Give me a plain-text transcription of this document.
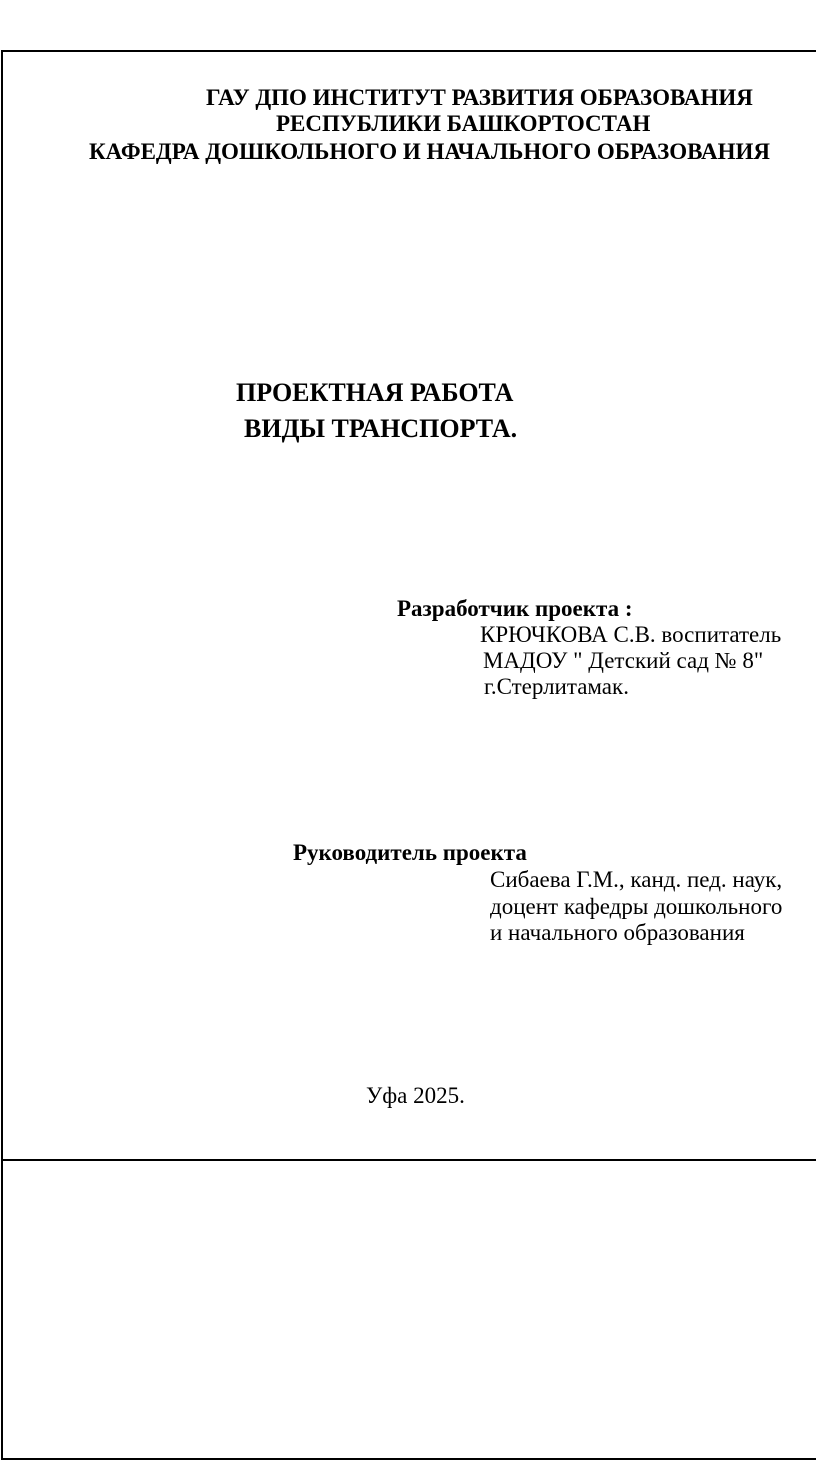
ГАУ ДПО ИНСТИТУТ РАЗВИТИЯ ОБРАЗОВАНИЯ
РЕСПУБЛИКИ БАШКОРТОСТАН
КАФЕДРА ДОШКОЛЬНОГО И НАЧАЛЬНОГО ОБРАЗОВАНИЯ
ПРОЕКТНАЯ РАБОТА
ВИДЫ ТРАНСПОРТА.
Разработчик проекта :
КРЮЧКОВА С.В. воспитатель
МАДОУ " Детский сад № 8"
г.Стерлитамак.
Руководитель проекта
Сибаева Г.М., канд. пед. наук,
доцент кафедры дошкольного
и начального образования
Уфа 2025.
